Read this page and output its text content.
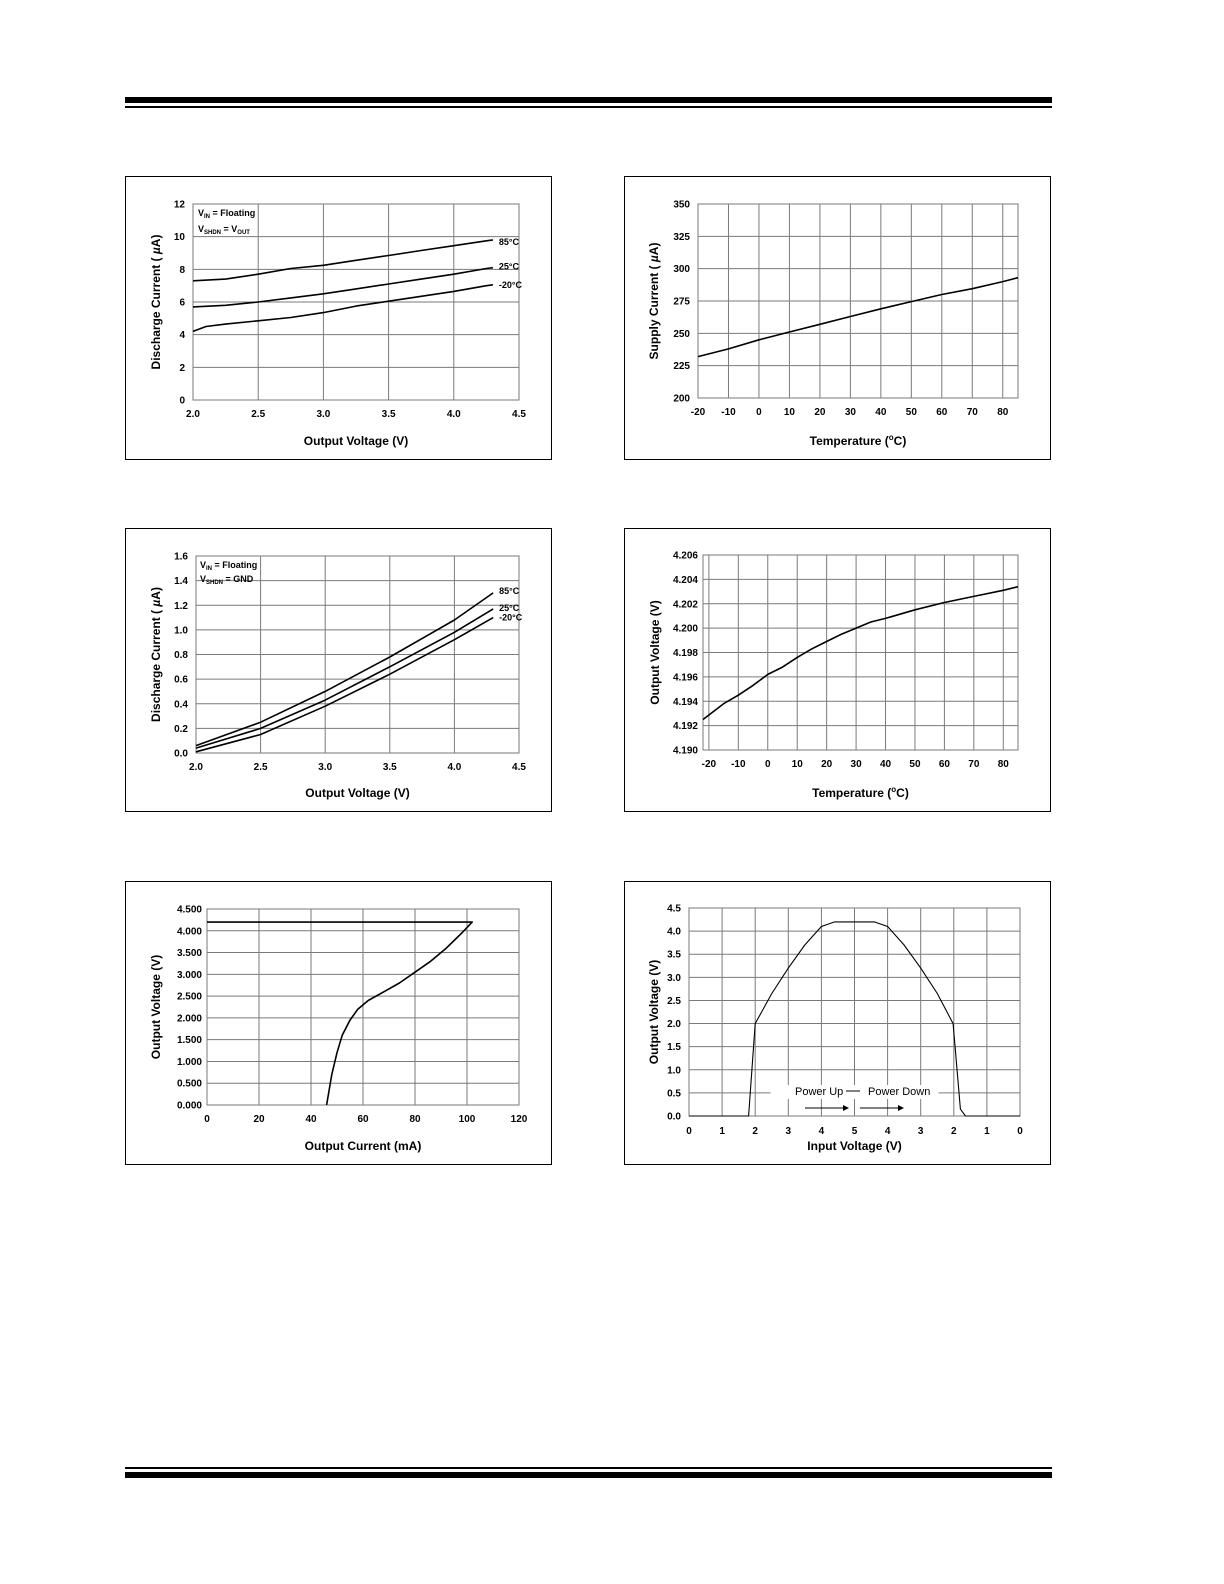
2.0	2.5	3.0	3.5	4.0	4.5
0
2
4
6
8
10
12
Output Voltage (V)
Discharge Current ( µA)	85°C
25°C
-20°C
$V_{IN}$ = Floating
$V_{SHDN} = V_{OUT}$
-20 -10 0 10 20 30 40 50 60 70 80
200
225
250
275
300
325
350
Temperature ($^o$C)
Supply Current ( µA)
2.0	2.5	3.0	3.5	4.0	4.5
0.0
0.2
0.4
0.6
0.8
1.0
1.2
1.4
1.6
Output Voltage (V)
Discharge Current ( µA)	85°C
25°C
-20°C
$V_{IN}$ = Floating
$V_{SHDN}$ = GND
-20 -10 0 10 20 30 40 50 60 70 80
4.190
4.192
4.194
4.196
4.198
4.200
4.202
4.204
4.206
Temperature ($^o$C)
Output Voltage (V)
0	20	40	60	80	100	120
0.000
0.500
1.000
1.500
2.000
2.500
3.000
3.500
4.000
4.500
Output Current (mA)
Output Voltage (V)
0	1	2	3	4	5	4	3	2	1	0
0.0
0.5
1.0
1.5
2.0
2.5
3.0
3.5
4.0
4.5
Input Voltage (V)
Output Voltage (V)
Power Up Power Down
